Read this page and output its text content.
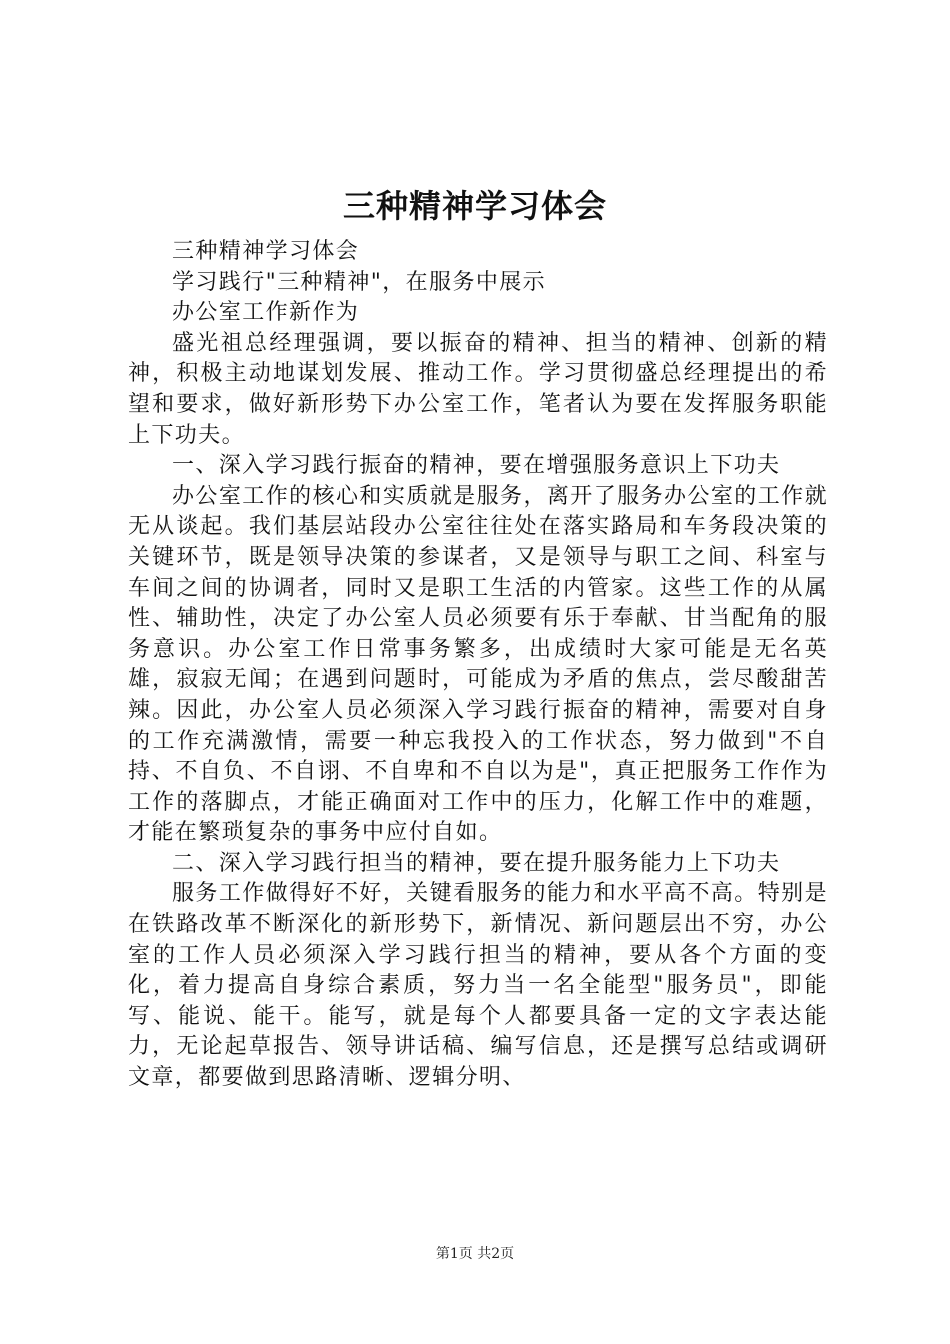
三种精神学习体会

三种精神学习体会

学习践行"三种精神"，在服务中展示

办公室工作新作为

盛光祖总经理强调，要以振奋的精神、担当的精神、创新的精神，积极主动地谋划发展、推动工作。学习贯彻盛总经理提出的希望和要求，做好新形势下办公室工作，笔者认为要在发挥服务职能上下功夫。

一、深入学习践行振奋的精神，要在增强服务意识上下功夫

办公室工作的核心和实质就是服务，离开了服务办公室的工作就无从谈起。我们基层站段办公室往往处在落实路局和车务段决策的关键环节，既是领导决策的参谋者，又是领导与职工之间、科室与车间之间的协调者，同时又是职工生活的内管家。这些工作的从属性、辅助性，决定了办公室人员必须要有乐于奉献、甘当配角的服务意识。办公室工作日常事务繁多，出成绩时大家可能是无名英雄，寂寂无闻；在遇到问题时，可能成为矛盾的焦点，尝尽酸甜苦辣。因此，办公室人员必须深入学习践行振奋的精神，需要对自身的工作充满激情，需要一种忘我投入的工作状态，努力做到"不自持、不自负、不自诩、不自卑和不自以为是"，真正把服务工作作为工作的落脚点，才能正确面对工作中的压力，化解工作中的难题，才能在繁琐复杂的事务中应付自如。

二、深入学习践行担当的精神，要在提升服务能力上下功夫

服务工作做得好不好，关键看服务的能力和水平高不高。特别是在铁路改革不断深化的新形势下，新情况、新问题层出不穷，办公室的工作人员必须深入学习践行担当的精神，要从各个方面的变化，着力提高自身综合素质，努力当一名全能型"服务员"，即能写、能说、能干。能写，就是每个人都要具备一定的文字表达能力，无论起草报告、领导讲话稿、编写信息，还是撰写总结或调研文章，都要做到思路清晰、逻辑分明、

第1页 共2页
